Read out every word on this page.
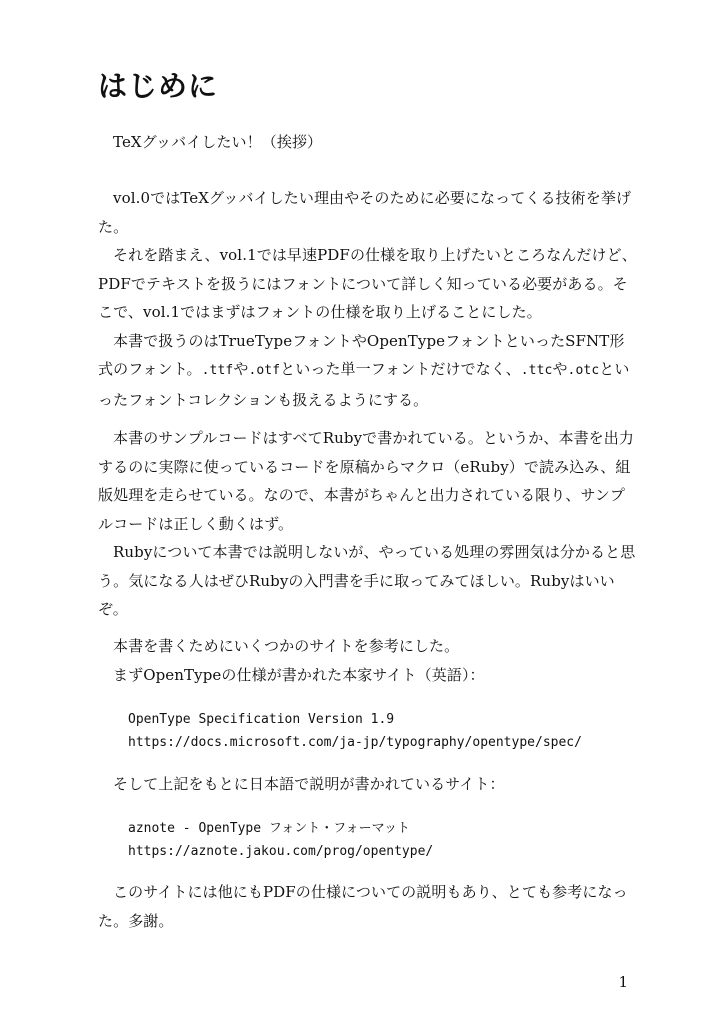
はじめに

TeXグッバイしたい！（挨拶）

vol.0ではTeXグッバイしたい理由やそのために必要になってくる技術を挙げた。

それを踏まえ、vol.1では早速PDFの仕様を取り上げたいところなんだけど、PDFでテキストを扱うにはフォントについて詳しく知っている必要がある。そこで、vol.1ではまずはフォントの仕様を取り上げることにした。

本書で扱うのはTrueTypeフォントやOpenTypeフォントといったSFNT形式のフォント。.ttfや.otfといった単一フォントだけでなく、.ttcや.otcといったフォントコレクションも扱えるようにする。

本書のサンプルコードはすべてRubyで書かれている。というか、本書を出力するのに実際に使っているコードを原稿からマクロ（eRuby）で読み込み、組版処理を走らせている。なので、本書がちゃんと出力されている限り、サンプルコードは正しく動くはず。

Rubyについて本書では説明しないが、やっている処理の雰囲気は分かると思う。気になる人はぜひRubyの入門書を手に取ってみてほしい。Rubyはいいぞ。

本書を書くためにいくつかのサイトを参考にした。

まずOpenTypeの仕様が書かれた本家サイト（英語）：

OpenType Specification Version 1.9
https://docs.microsoft.com/ja-jp/typography/opentype/spec/

そして上記をもとに日本語で説明が書かれているサイト：

aznote - OpenType フォント・フォーマット
https://aznote.jakou.com/prog/opentype/

このサイトには他にもPDFの仕様についての説明もあり、とても参考になった。多謝。

1
